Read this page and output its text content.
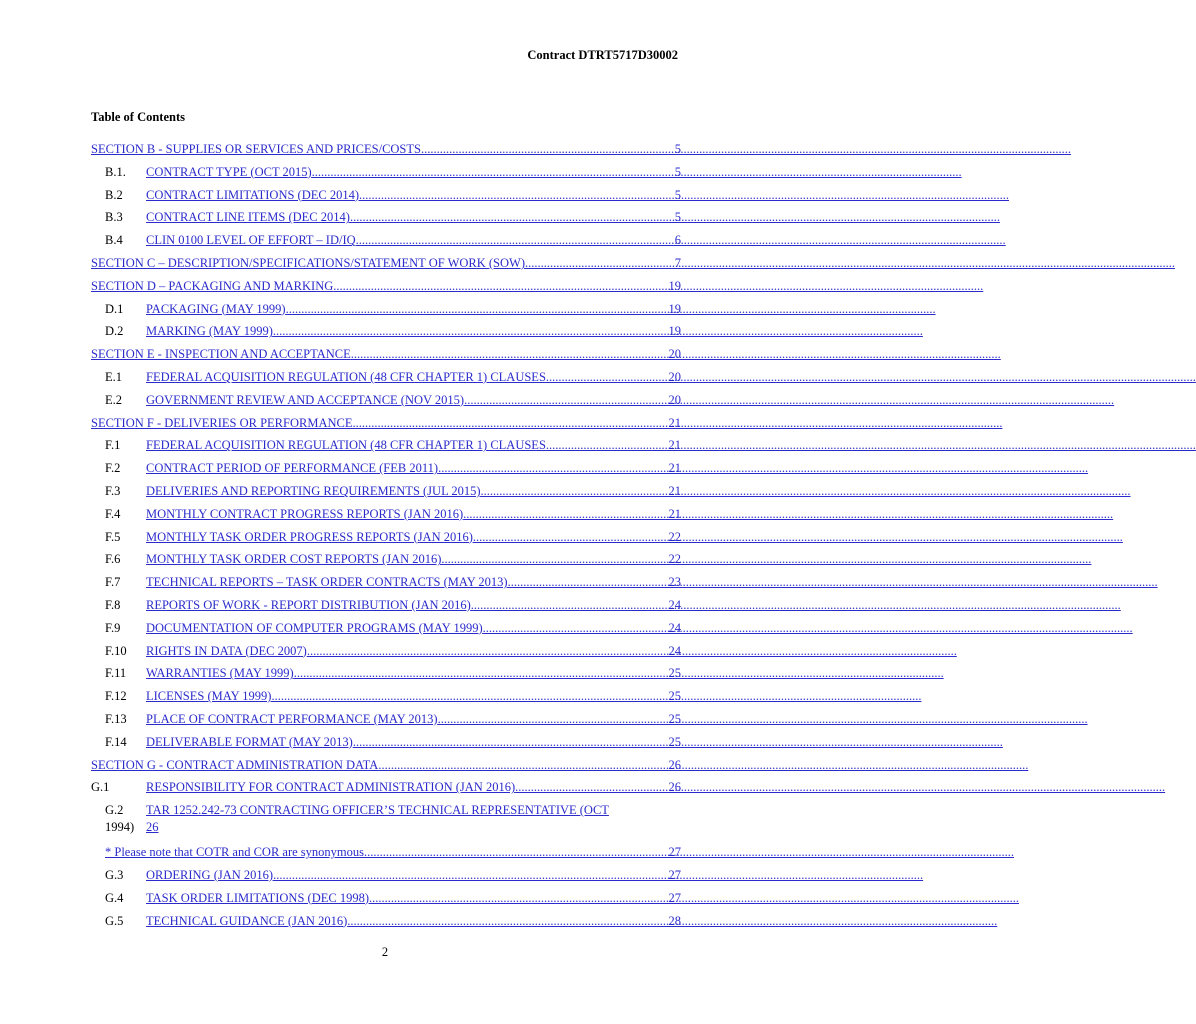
Contract DTRT5717D30002
Table of Contents
SECTION B - SUPPLIES OR SERVICES AND PRICES/COSTS .....	5
B.1.	CONTRACT TYPE (OCT 2015) .....	5
B.2	CONTRACT LIMITATIONS (DEC 2014) .....	5
B.3	CONTRACT LINE ITEMS (DEC 2014) .....	5
B.4	CLIN 0100 LEVEL OF EFFORT – ID/IQ .....	6
SECTION C – DESCRIPTION/SPECIFICATIONS/STATEMENT OF WORK (SOW) .....	7
SECTION D – PACKAGING AND MARKING .....	19
D.1	PACKAGING (MAY 1999) .....	19
D.2	MARKING (MAY 1999) .....	19
SECTION E - INSPECTION AND ACCEPTANCE .....	20
E.1	FEDERAL ACQUISITION REGULATION (48 CFR CHAPTER 1) CLAUSES .....	20
E.2	GOVERNMENT REVIEW AND ACCEPTANCE (NOV 2015) .....	20
SECTION F - DELIVERIES OR PERFORMANCE .....	21
F.1	FEDERAL ACQUISITION REGULATION (48 CFR CHAPTER 1) CLAUSES .....	21
F.2	CONTRACT PERIOD OF PERFORMANCE (FEB 2011) .....	21
F.3	DELIVERIES AND REPORTING REQUIREMENTS (JUL 2015) .....	21
F.4	MONTHLY CONTRACT PROGRESS REPORTS (JAN 2016) .....	21
F.5	MONTHLY TASK ORDER PROGRESS REPORTS (JAN 2016) .....	22
F.6	MONTHLY TASK ORDER COST REPORTS (JAN 2016) .....	22
F.7	TECHNICAL REPORTS – TASK ORDER CONTRACTS (MAY 2013) .....	23
F.8	REPORTS OF WORK - REPORT DISTRIBUTION (JAN 2016) .....	24
F.9	DOCUMENTATION OF COMPUTER PROGRAMS (MAY 1999) .....	24
F.10	RIGHTS IN DATA (DEC 2007) .....	24
F.11	WARRANTIES (MAY 1999) .....	25
F.12	LICENSES (MAY 1999) .....	25
F.13	PLACE OF CONTRACT PERFORMANCE (MAY 2013) .....	25
F.14	DELIVERABLE FORMAT (MAY 2013) .....	25
SECTION G - CONTRACT ADMINISTRATION DATA .....	26
G.1	RESPONSIBILITY FOR CONTRACT ADMINISTRATION (JAN 2016) .....	26
G.2 TAR 1252.242-73 CONTRACTING OFFICER’S TECHNICAL REPRESENTATIVE (OCT
1994) 26
* Please note that COTR and COR are synonymous .....	27
G.3	ORDERING (JAN 2016) .....	27
G.4	TASK ORDER LIMITATIONS (DEC 1998) .....	27
G.5	TECHNICAL GUIDANCE (JAN 2016) .....	28
2
